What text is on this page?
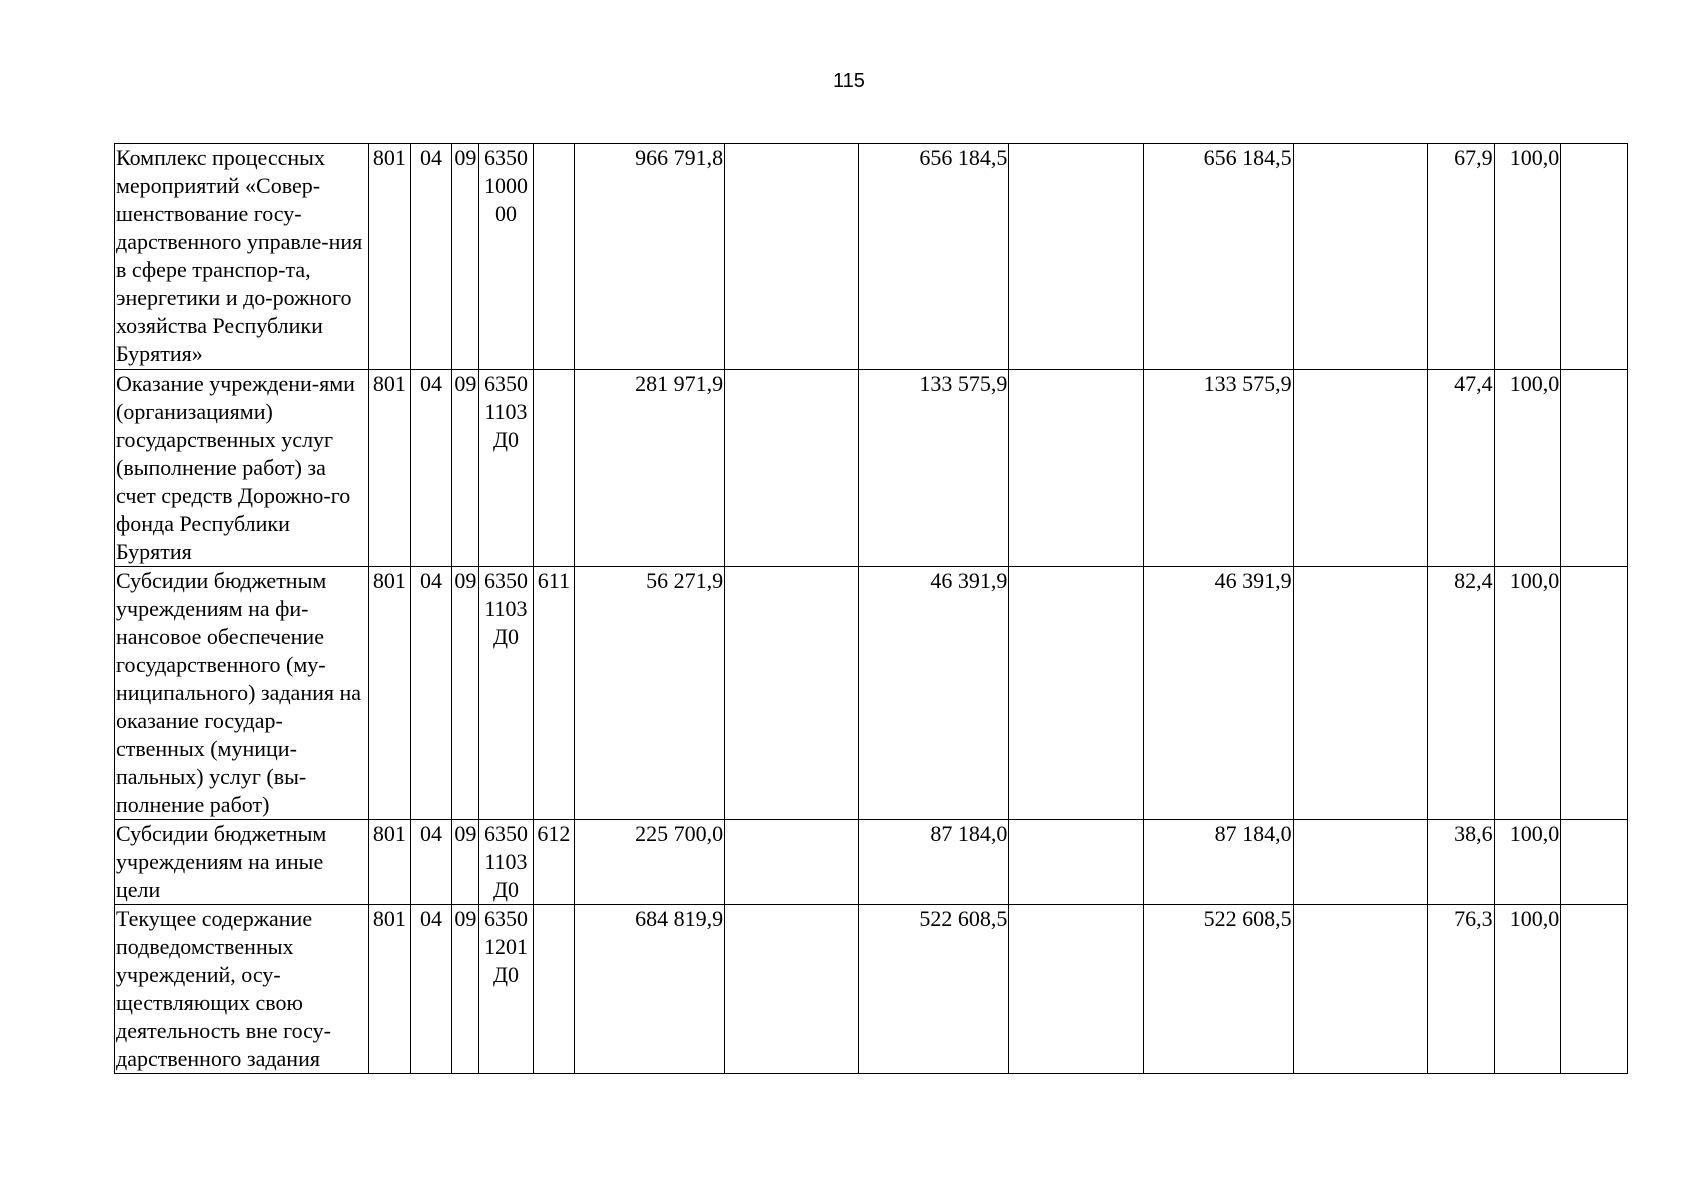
115
Комплекс процессных мероприятий «Совер-шенствование госу-дарственного управле-ния в сфере транспор-та, энергетики и до-рожного хозяйства Республики Бурятия»	801	04	09	6350100000		966 791,8		656 184,5		656 184,5		67,9	100,0	
Оказание учреждени-ями (организациями) государственных услуг (выполнение работ) за счет средств Дорожно-го фонда Республики Бурятия	801	04	09	63501103Д0		281 971,9		133 575,9		133 575,9		47,4	100,0	
Субсидии бюджетным учреждениям на фи-нансовое обеспечение государственного (му-ниципального) задания на оказание государ-ственных (муници-пальных) услуг (вы-полнение работ)	801	04	09	63501103Д0	611	56 271,9		46 391,9		46 391,9		82,4	100,0	
Субсидии бюджетным учреждениям на иные цели	801	04	09	63501103Д0	612	225 700,0		87 184,0		87 184,0		38,6	100,0	
Текущее содержание подведомственных учреждений, осу-ществляющих свою деятельность вне госу-дарственного задания	801	04	09	63501201Д0		684 819,9		522 608,5		522 608,5		76,3	100,0	
